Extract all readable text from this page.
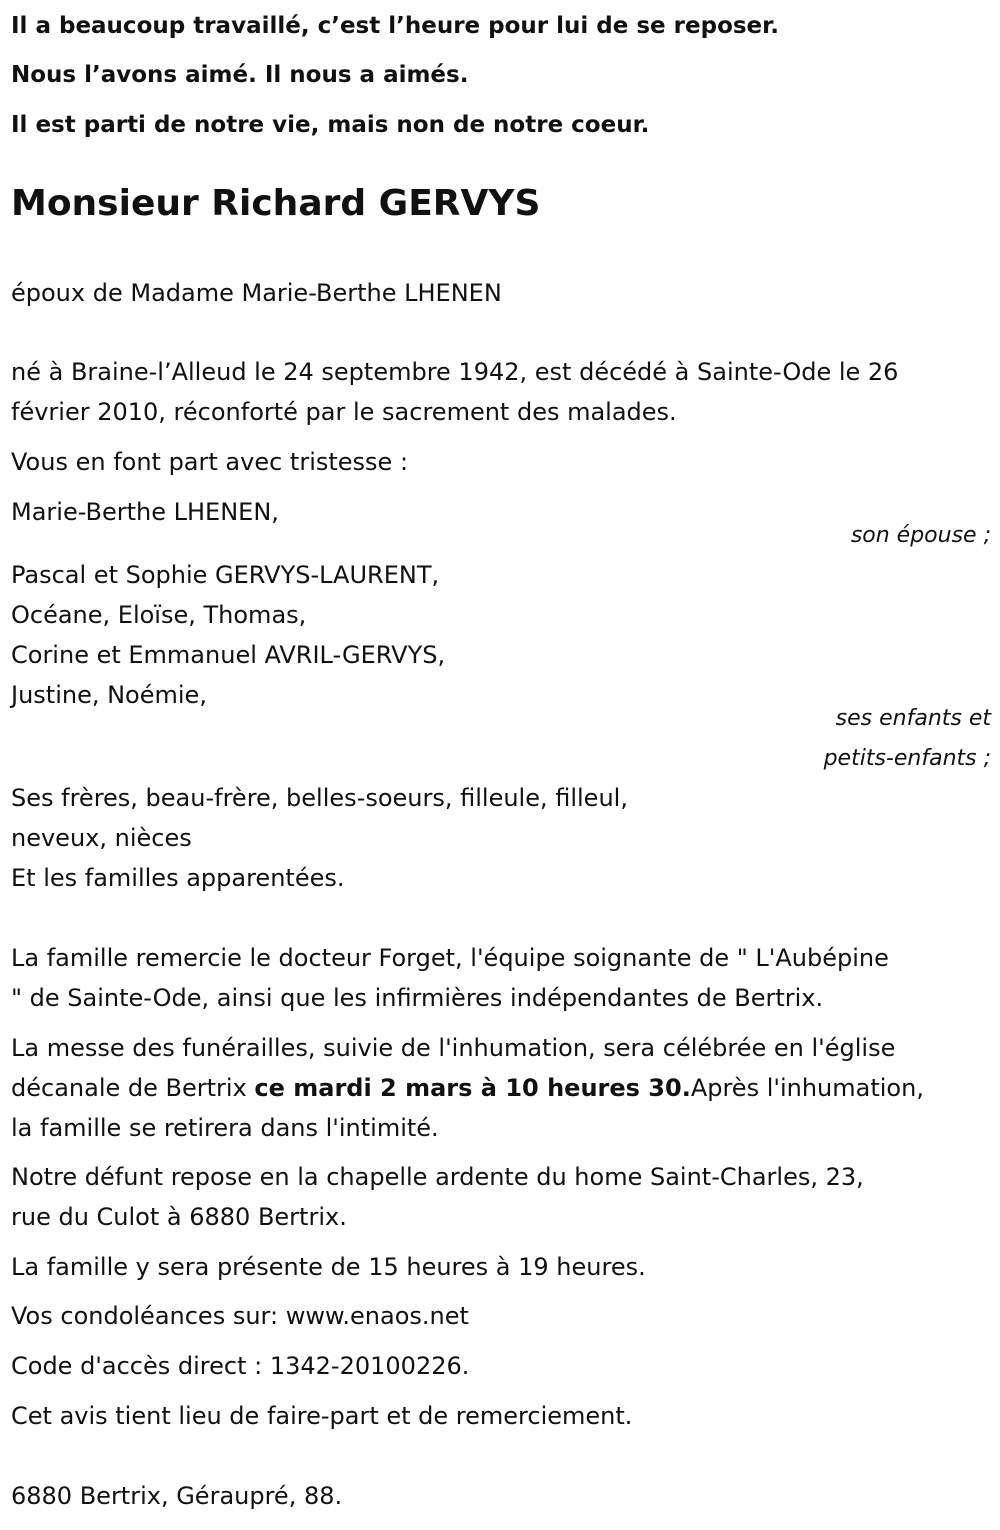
Il a beaucoup travaillé, c’est l’heure pour lui de se reposer.
Nous l’avons aimé. Il nous a aimés.
Il est parti de notre vie, mais non de notre coeur.
Monsieur Richard GERVYS
époux de Madame Marie-Berthe LHENEN
né à Braine-l’Alleud le 24 septembre 1942, est décédé à Sainte-Ode le 26
février 2010, réconforté par le sacrement des malades.
Vous en font part avec tristesse :
Marie-Berthe LHENEN,
son épouse ;
Pascal et Sophie GERVYS-LAURENT,
Océane, Eloïse, Thomas,
Corine et Emmanuel AVRIL-GERVYS,
Justine, Noémie,
ses enfants et
petits-enfants ;
Ses frères, beau-frère, belles-soeurs, filleule, filleul,
neveux, nièces
Et les familles apparentées.
La famille remercie le docteur Forget, l'équipe soignante de " L'Aubépine
" de Sainte-Ode, ainsi que les infirmières indépendantes de Bertrix.
La messe des funérailles, suivie de l'inhumation, sera célébrée en l'église
décanale de Bertrix ce mardi 2 mars à 10 heures 30.Après l'inhumation,
la famille se retirera dans l'intimité.
Notre défunt repose en la chapelle ardente du home Saint-Charles, 23,
rue du Culot à 6880 Bertrix.
La famille y sera présente de 15 heures à 19 heures.
Vos condoléances sur: www.enaos.net
Code d'accès direct : 1342-20100226.
Cet avis tient lieu de faire-part et de remerciement.
6880 Bertrix, Géraupré, 88.
